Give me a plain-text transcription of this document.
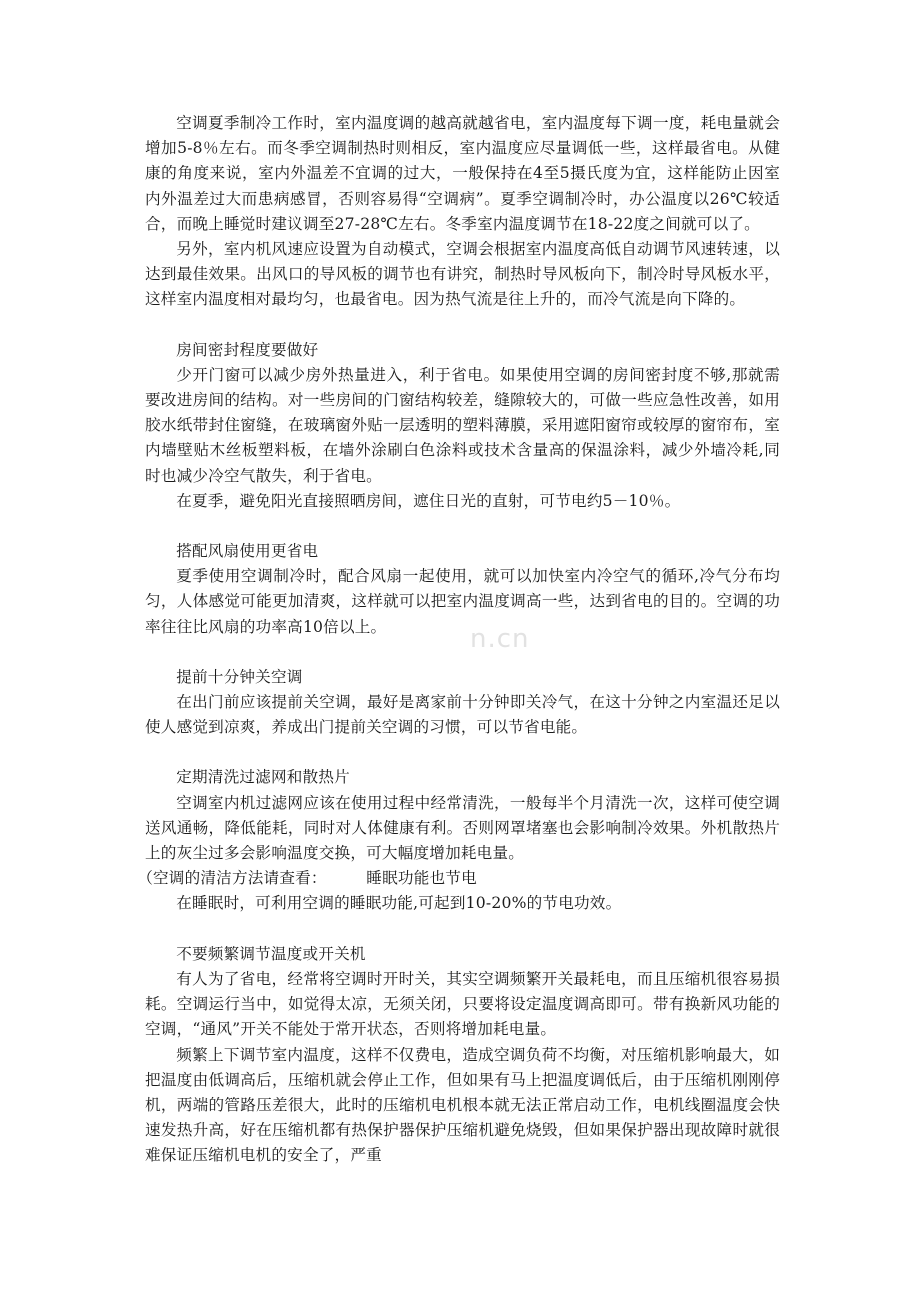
空调夏季制冷工作时，室内温度调的越高就越省电，室内温度每下调一度，耗电量就会增加5-8％左右。而冬季空调制热时则相反，室内温度应尽量调低一些，这样最省电。从健康的角度来说，室内外温差不宜调的过大，一般保持在4至5摄氏度为宜，这样能防止因室内外温差过大而患病感冒，否则容易得“空调病”。夏季空调制冷时，办公温度以26℃较适合，而晚上睡觉时建议调至27-28℃左右。冬季室内温度调节在18-22度之间就可以了。

另外，室内机风速应设置为自动模式，空调会根据室内温度高低自动调节风速转速，以达到最佳效果。出风口的导风板的调节也有讲究，制热时导风板向下，制冷时导风板水平，这样室内温度相对最均匀，也最省电。因为热气流是往上升的，而冷气流是向下降的。

房间密封程度要做好

少开门窗可以减少房外热量进入，利于省电。如果使用空调的房间密封度不够,那就需要改进房间的结构。对一些房间的门窗结构较差，缝隙较大的，可做一些应急性改善，如用胶水纸带封住窗缝，在玻璃窗外贴一层透明的塑料薄膜，采用遮阳窗帘或较厚的窗帘布，室内墙壁贴木丝板塑料板，在墙外涂刷白色涂料或技术含量高的保温涂料，减少外墙冷耗,同时也减少冷空气散失，利于省电。

在夏季，避免阳光直接照晒房间，遮住日光的直射，可节电约5－10％。

搭配风扇使用更省电

夏季使用空调制冷时，配合风扇一起使用，就可以加快室内冷空气的循环,冷气分布均匀，人体感觉可能更加清爽，这样就可以把室内温度调高一些，达到省电的目的。空调的功率往往比风扇的功率高10倍以上。

提前十分钟关空调

在出门前应该提前关空调，最好是离家前十分钟即关冷气，在这十分钟之内室温还足以使人感觉到凉爽，养成出门提前关空调的习惯，可以节省电能。

定期清洗过滤网和散热片

空调室内机过滤网应该在使用过程中经常清洗，一般每半个月清洗一次，这样可使空调送风通畅，降低能耗，同时对人体健康有利。否则网罩堵塞也会影响制冷效果。外机散热片上的灰尘过多会影响温度交换，可大幅度增加耗电量。

（空调的清洁方法请查看：　　　睡眠功能也节电

在睡眠时，可利用空调的睡眠功能,可起到10-20%的节电功效。

不要频繁调节温度或开关机

有人为了省电，经常将空调时开时关，其实空调频繁开关最耗电，而且压缩机很容易损耗。空调运行当中，如觉得太凉，无须关闭，只要将设定温度调高即可。带有换新风功能的空调，“通风”开关不能处于常开状态，否则将增加耗电量。

频繁上下调节室内温度，这样不仅费电，造成空调负荷不均衡，对压缩机影响最大，如把温度由低调高后，压缩机就会停止工作，但如果有马上把温度调低后，由于压缩机刚刚停机，两端的管路压差很大，此时的压缩机电机根本就无法正常启动工作，电机线圈温度会快速发热升高，好在压缩机都有热保护器保护压缩机避免烧毁，但如果保护器出现故障时就很难保证压缩机电机的安全了，严重

n.cn
